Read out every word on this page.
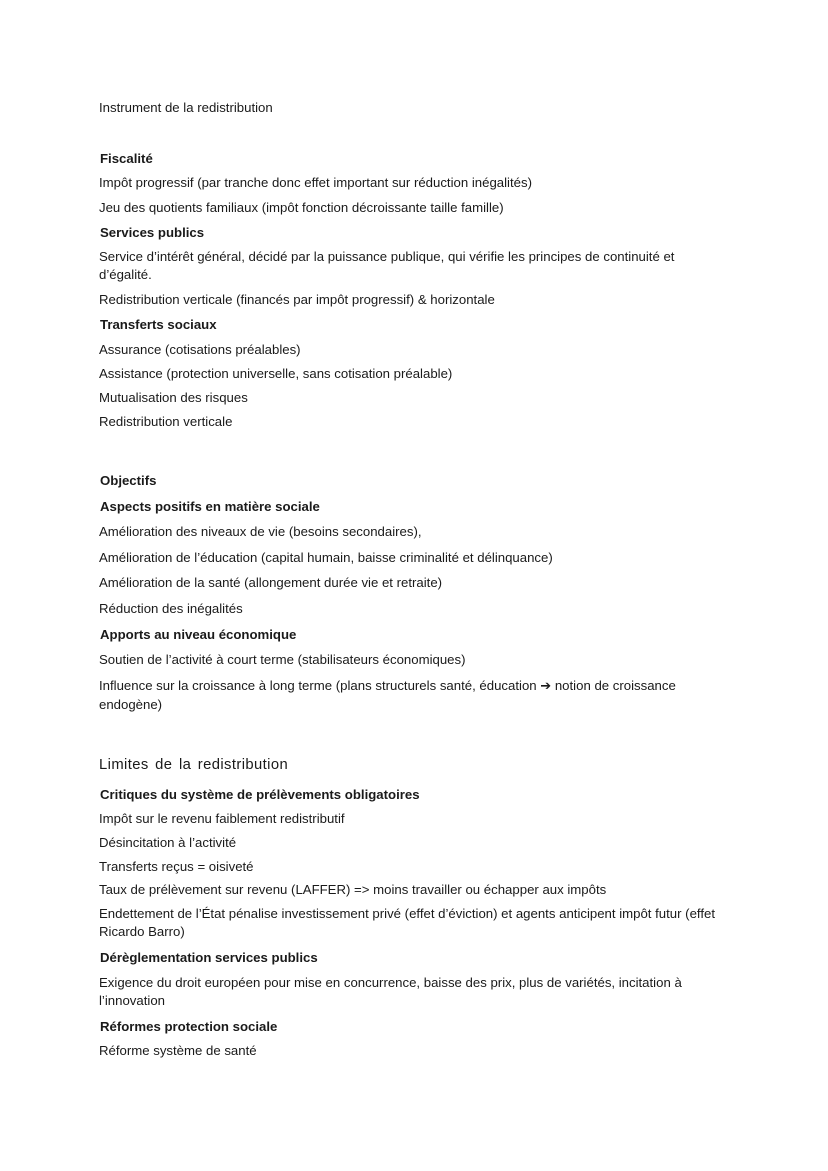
Instrument de la redistribution
Fiscalité
Impôt progressif (par tranche donc effet important sur réduction inégalités)
Jeu des quotients familiaux (impôt fonction décroissante taille famille)
Services publics
Service d’intérêt général, décidé par la puissance publique, qui vérifie les principes de continuité et d’égalité.
Redistribution verticale (financés par impôt progressif) & horizontale
Transferts sociaux
Assurance (cotisations préalables)
Assistance (protection universelle, sans cotisation préalable)
Mutualisation des risques
Redistribution verticale
Objectifs
Aspects positifs en matière sociale
Amélioration des niveaux de vie (besoins secondaires),
Amélioration de l’éducation (capital humain, baisse criminalité et délinquance)
Amélioration de la santé (allongement durée vie et retraite)
Réduction des inégalités
Apports au niveau économique
Soutien de l’activité à court terme (stabilisateurs économiques)
Influence sur la croissance à long terme (plans structurels santé, éducation ➔ notion de croissance endogène)
Limites de la redistribution
Critiques du système de prélèvements obligatoires
Impôt sur le revenu faiblement redistributif
Désincitation à l’activité
Transferts reçus = oisiveté
Taux de prélèvement sur revenu (LAFFER) => moins travailler ou échapper aux impôts
Endettement de l’État pénalise investissement privé (effet d’éviction) et agents anticipent impôt futur (effet Ricardo Barro)
Dérèglementation services publics
Exigence du droit européen pour mise en concurrence, baisse des prix, plus de variétés, incitation à l’innovation
Réformes protection sociale
Réforme système de santé
